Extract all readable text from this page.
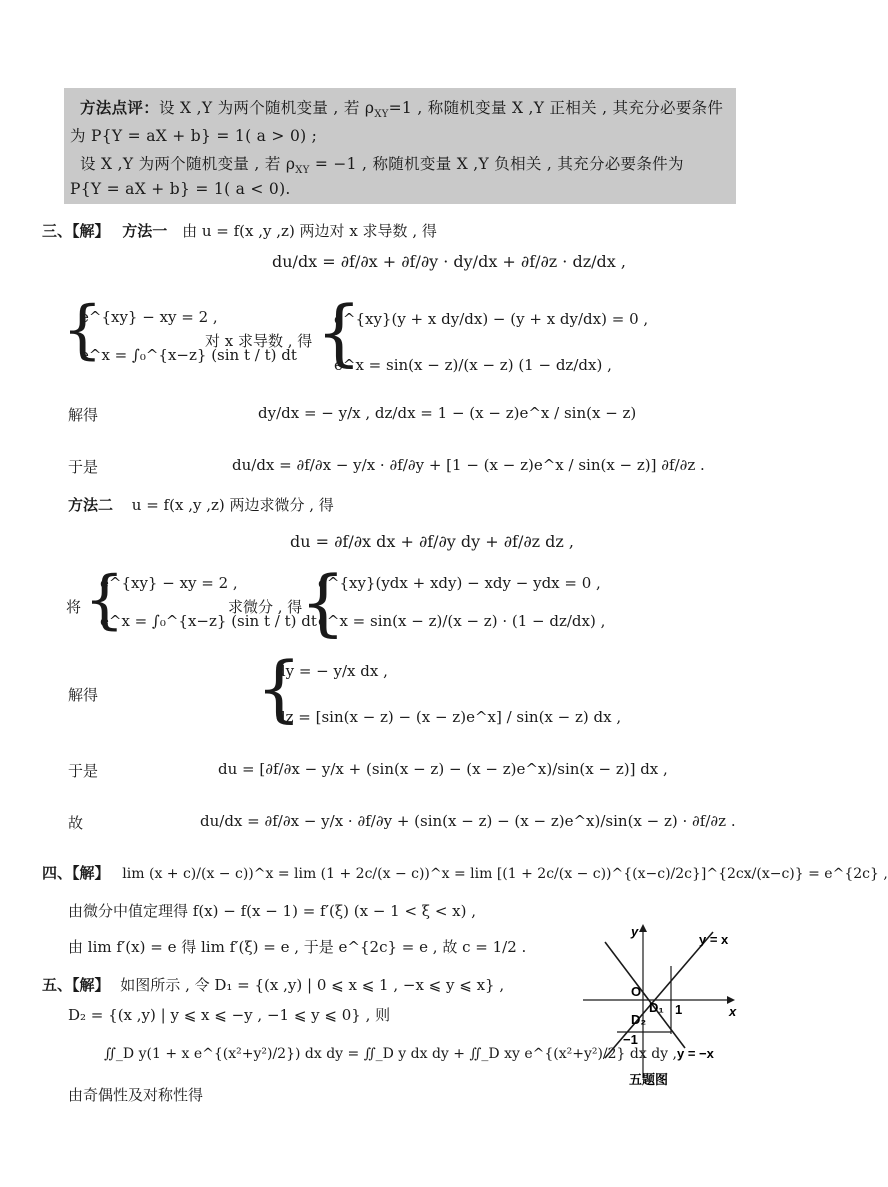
方法点评：设 X ,Y 为两个随机变量 , 若 $\rho_{XY}=1$ , 称随机变量 X ,Y 正相关 , 其充分必要条件
为 P{Y = aX + b} = 1( a > 0) ;
设 X ,Y 为两个随机变量 , 若 $\rho_{XY} = -1$ , 称随机变量 X ,Y 负相关 , 其充分必要条件为
P{Y = aX + b} = 1( a < 0).
三、【解】 方法一 由 u = f(x ,y ,z) 两边对 x 求导数 , 得
du/dx = ∂f/∂x + ∂f/∂y · dy/dx + ∂f/∂z · dz/dx ,
{
e^{xy} − xy = 2 ,
e^x = ∫₀^{x−z} (sin t / t) dt
对 x 求导数 , 得 {
e^{xy}(y + x dy/dx) − (y + x dy/dx) = 0 ,
e^x = sin(x − z)/(x − z) (1 − dz/dx) ,
解得	dy/dx = − y/x , dz/dx = 1 − (x − z)e^x / sin(x − z)
于是	du/dx = ∂f/∂x − y/x · ∂f/∂y + [1 − (x − z)e^x / sin(x − z)] ∂f/∂z .
方法二 u = f(x ,y ,z) 两边求微分 , 得
du = ∂f/∂x dx + ∂f/∂y dy + ∂f/∂z dz ,
将 {
e^{xy} − xy = 2 ,
e^x = ∫₀^{x−z} (sin t / t) dt
求微分 , 得
{
e^{xy}(ydx + xdy) − xdy − ydx = 0 ,
e^x = sin(x − z)/(x − z) · (1 − dz/dx) ,
解得 {
dy = − y/x dx ,
dz = [sin(x − z) − (x − z)e^x] / sin(x − z) dx ,
于是	du = [∂f/∂x − y/x + (sin(x − z) − (x − z)e^x)/sin(x − z)] dx ,
故	du/dx = ∂f/∂x − y/x · ∂f/∂y + (sin(x − z) − (x − z)e^x)/sin(x − z) · ∂f/∂z .
四、【解】 lim (x + c)/(x − c))^x = lim (1 + 2c/(x − c))^x = lim [(1 + 2c/(x − c))^{(x−c)/2c}]^{2cx/(x−c)} = e^{2c} ,
由微分中值定理得 f(x) − f(x − 1) = f′(ξ) (x − 1 < ξ < x) ,
由 lim f′(x) = e 得 lim f′(ξ) = e , 于是 e^{2c} = e , 故 c = 1/2 .
五、【解】 如图所示 , 令 D₁ = {(x ,y) | 0 ⩽ x ⩽ 1 , −x ⩽ y ⩽ x} ,
D₂ = {(x ,y) | y ⩽ x ⩽ −y , −1 ⩽ y ⩽ 0} , 则
∬_D y(1 + x e^{(x²+y²)/2}) dx dy = ∬_D y dx dy + ∬_D xy e^{(x²+y²)/2} dx dy ,
由奇偶性及对称性得
y = x
y = −x
x
y
O
D₁
D₂
1
−1
五题图
